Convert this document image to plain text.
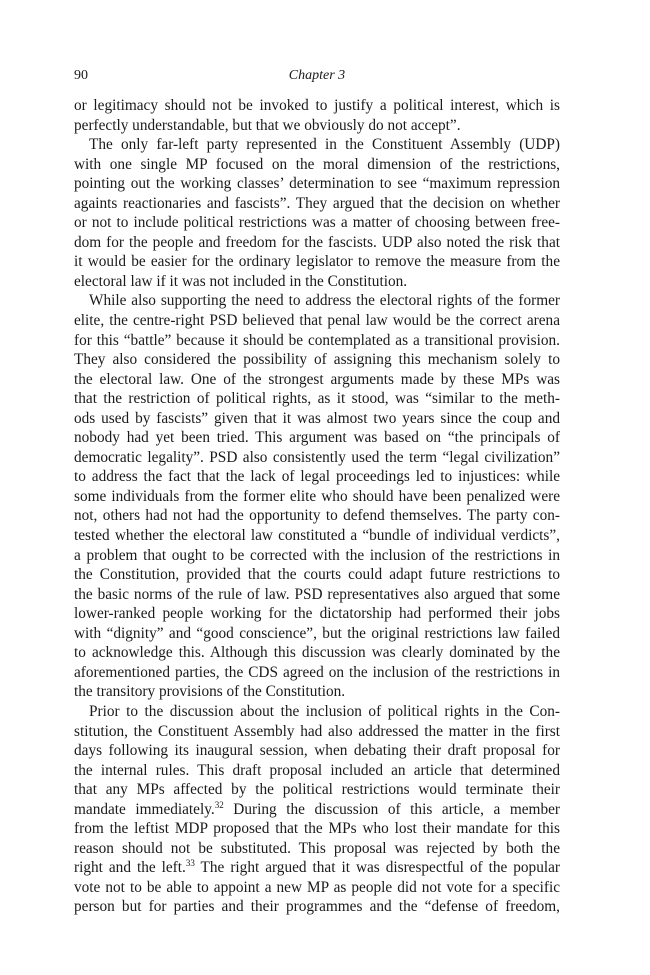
90	Chapter 3
or legitimacy should not be invoked to justify a political interest, which is
perfectly understandable, but that we obviously do not accept”.
The only far-left party represented in the Constituent Assembly (UDP)
with one single MP focused on the moral dimension of the restrictions,
pointing out the working classes’ determination to see “maximum repression
againts reactionaries and fascists”. They argued that the decision on whether
or not to include political restrictions was a matter of choosing between free-
dom for the people and freedom for the fascists. UDP also noted the risk that
it would be easier for the ordinary legislator to remove the measure from the
electoral law if it was not included in the Constitution.
While also supporting the need to address the electoral rights of the former
elite, the centre-right PSD believed that penal law would be the correct arena
for this “battle” because it should be contemplated as a transitional provision.
They also considered the possibility of assigning this mechanism solely to
the electoral law. One of the strongest arguments made by these MPs was
that the restriction of political rights, as it stood, was “similar to the meth-
ods used by fascists” given that it was almost two years since the coup and
nobody had yet been tried. This argument was based on “the principals of
democratic legality”. PSD also consistently used the term “legal civilization”
to address the fact that the lack of legal proceedings led to injustices: while
some individuals from the former elite who should have been penalized were
not, others had not had the opportunity to defend themselves. The party con-
tested whether the electoral law constituted a “bundle of individual verdicts”,
a problem that ought to be corrected with the inclusion of the restrictions in
the Constitution, provided that the courts could adapt future restrictions to
the basic norms of the rule of law. PSD representatives also argued that some
lower-ranked people working for the dictatorship had performed their jobs
with “dignity” and “good conscience”, but the original restrictions law failed
to acknowledge this. Although this discussion was clearly dominated by the
aforementioned parties, the CDS agreed on the inclusion of the restrictions in
the transitory provisions of the Constitution.
Prior to the discussion about the inclusion of political rights in the Con-
stitution, the Constituent Assembly had also addressed the matter in the first
days following its inaugural session, when debating their draft proposal for
the internal rules. This draft proposal included an article that determined
that any MPs affected by the political restrictions would terminate their
mandate immediately.$^{32}$ During the discussion of this article, a member
from the leftist MDP proposed that the MPs who lost their mandate for this
reason should not be substituted. This proposal was rejected by both the
right and the left.$^{33}$ The right argued that it was disrespectful of the popular
vote not to be able to appoint a new MP as people did not vote for a specific
person but for parties and their programmes and the “defense of freedom,
